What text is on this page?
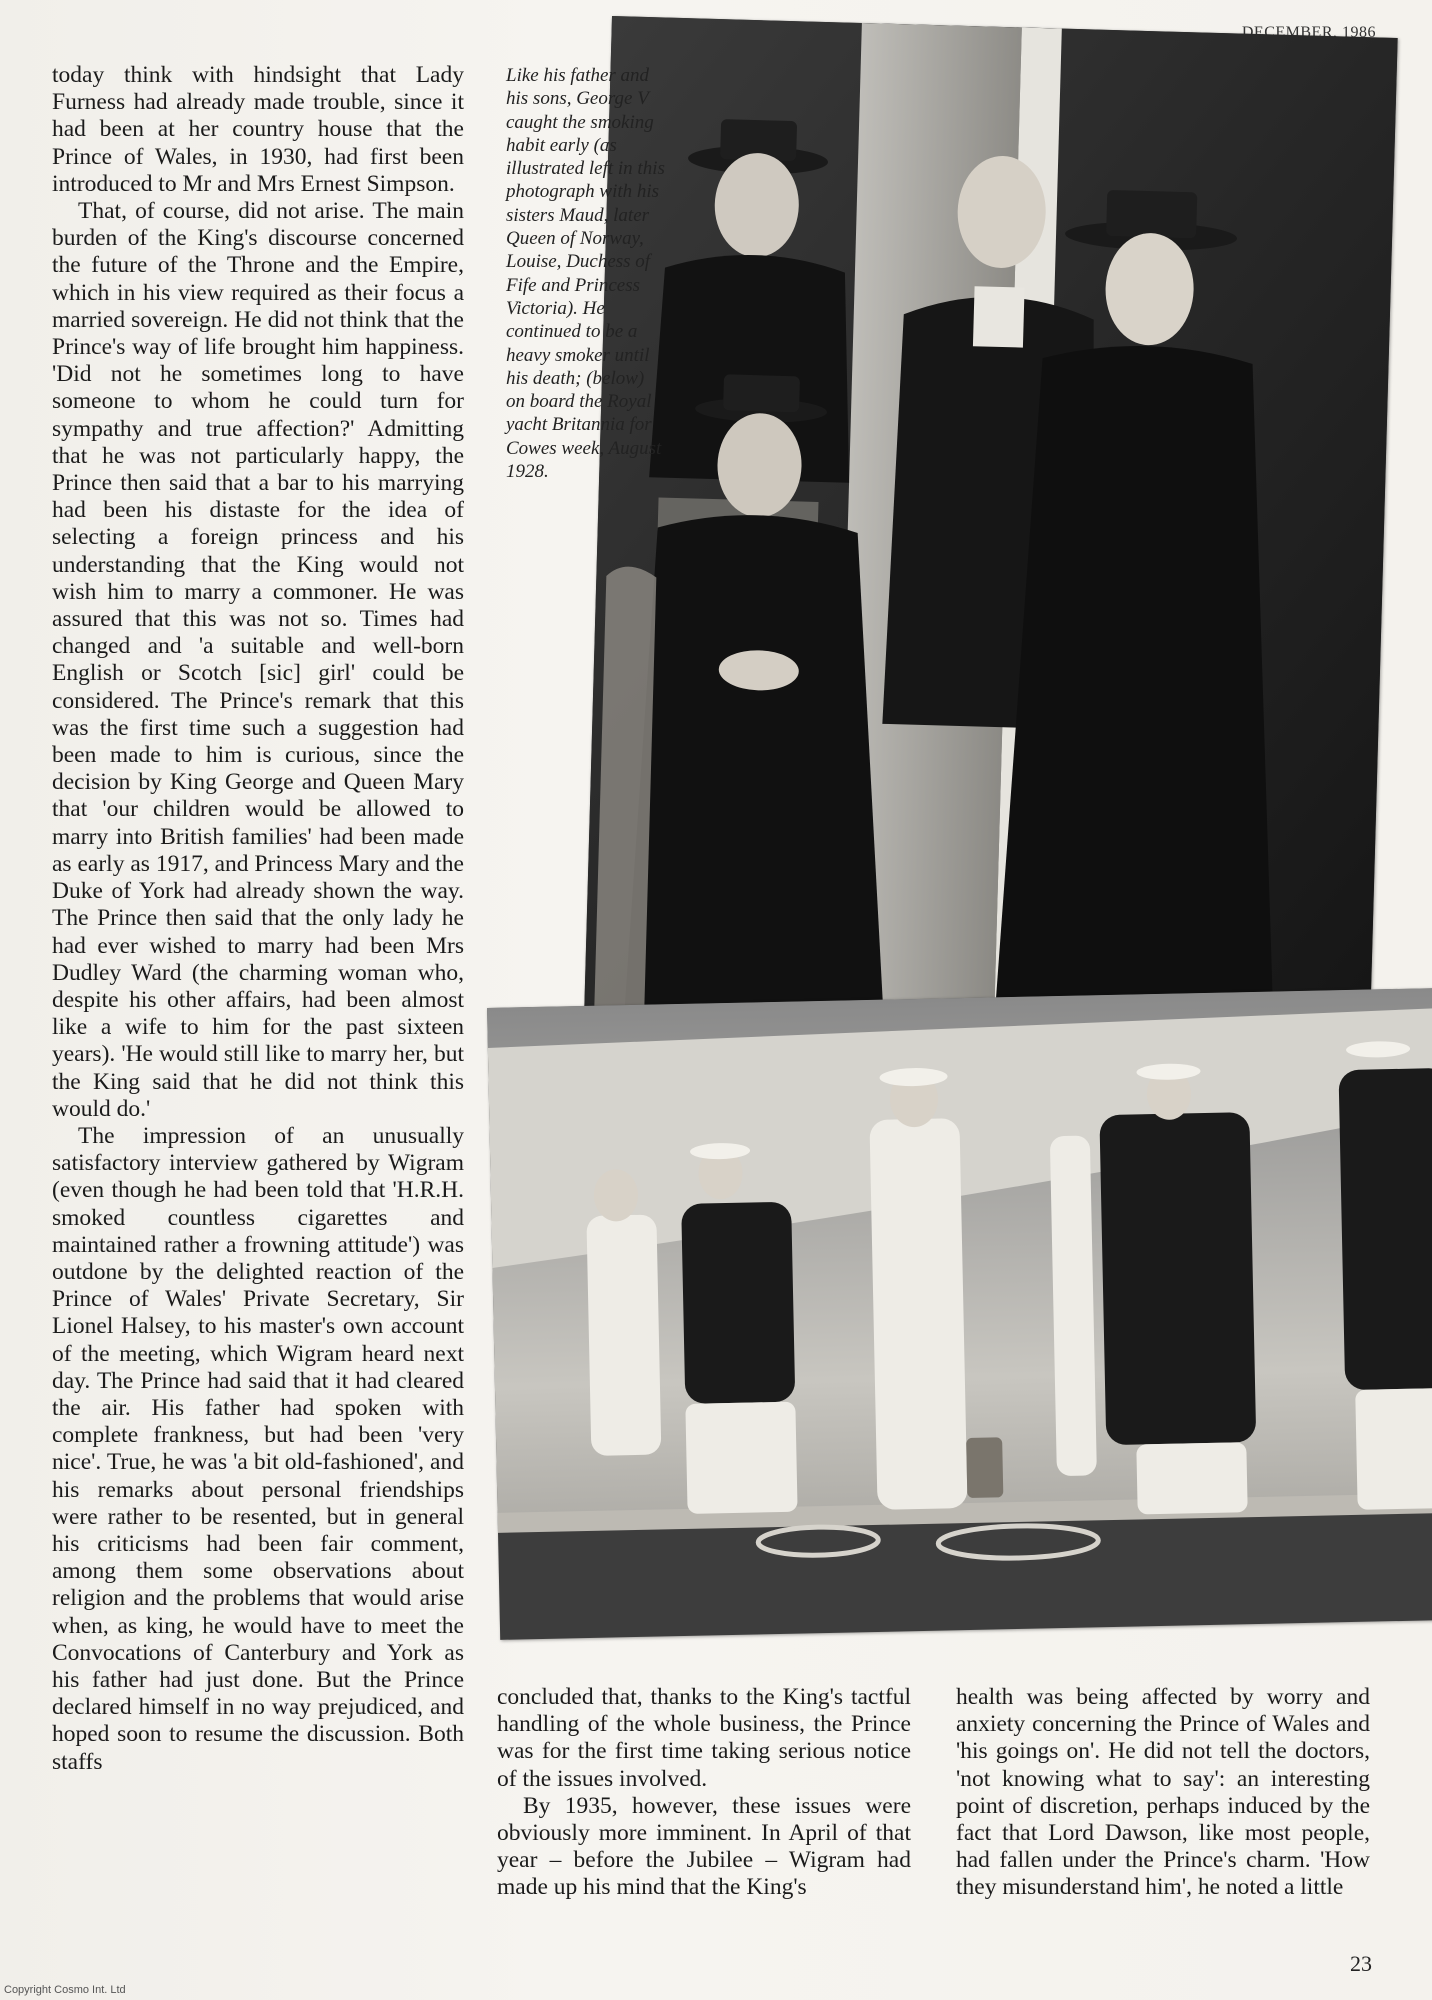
DECEMBER, 1986
Like his father and his sons, George V caught the smoking habit early (as illustrated left in this photograph with his sisters Maud, later Queen of Norway, Louise, Duchess of Fife and Princess Victoria). He continued to be a heavy smoker until his death; (below) on board the Royal yacht Britannia for Cowes week, August 1928.

today think with hindsight that Lady Furness had already made trouble, since it had been at her country house that the Prince of Wales, in 1930, had first been introduced to Mr and Mrs Ernest Simpson.

That, of course, did not arise. The main burden of the King's discourse concerned the future of the Throne and the Empire, which in his view required as their focus a married sovereign. He did not think that the Prince's way of life brought him happiness. 'Did not he sometimes long to have someone to whom he could turn for sympathy and true affection?' Admitting that he was not particularly happy, the Prince then said that a bar to his marrying had been his distaste for the idea of selecting a foreign princess and his understanding that the King would not wish him to marry a commoner. He was assured that this was not so. Times had changed and 'a suitable and well-born English or Scotch [sic] girl' could be considered. The Prince's remark that this was the first time such a suggestion had been made to him is curious, since the decision by King George and Queen Mary that 'our children would be allowed to marry into British families' had been made as early as 1917, and Princess Mary and the Duke of York had already shown the way. The Prince then said that the only lady he had ever wished to marry had been Mrs Dudley Ward (the charming woman who, despite his other affairs, had been almost like a wife to him for the past sixteen years). 'He would still like to marry her, but the King said that he did not think this would do.'

The impression of an unusually satisfactory interview gathered by Wigram (even though he had been told that 'H.R.H. smoked countless cigarettes and maintained rather a frowning attitude') was outdone by the delighted reaction of the Prince of Wales' Private Secretary, Sir Lionel Halsey, to his master's own account of the meeting, which Wigram heard next day. The Prince had said that it had cleared the air. His father had spoken with complete frankness, but had been 'very nice'. True, he was 'a bit old-fashioned', and his remarks about personal friendships were rather to be resented, but in general his criticisms had been fair comment, among them some observations about religion and the problems that would arise when, as king, he would have to meet the Convocations of Canterbury and York as his father had just done. But the Prince declared himself in no way prejudiced, and hoped soon to resume the discussion. Both staffs

concluded that, thanks to the King's tactful handling of the whole business, the Prince was for the first time taking serious notice of the issues involved.

By 1935, however, these issues were obviously more imminent. In April of that year – before the Jubilee – Wigram had made up his mind that the King's

health was being affected by worry and anxiety concerning the Prince of Wales and 'his goings on'. He did not tell the doctors, 'not knowing what to say': an interesting point of discretion, perhaps induced by the fact that Lord Dawson, like most people, had fallen under the Prince's charm. 'How they misunderstand him', he noted a little

23
Copyright Cosmo Int. Ltd
